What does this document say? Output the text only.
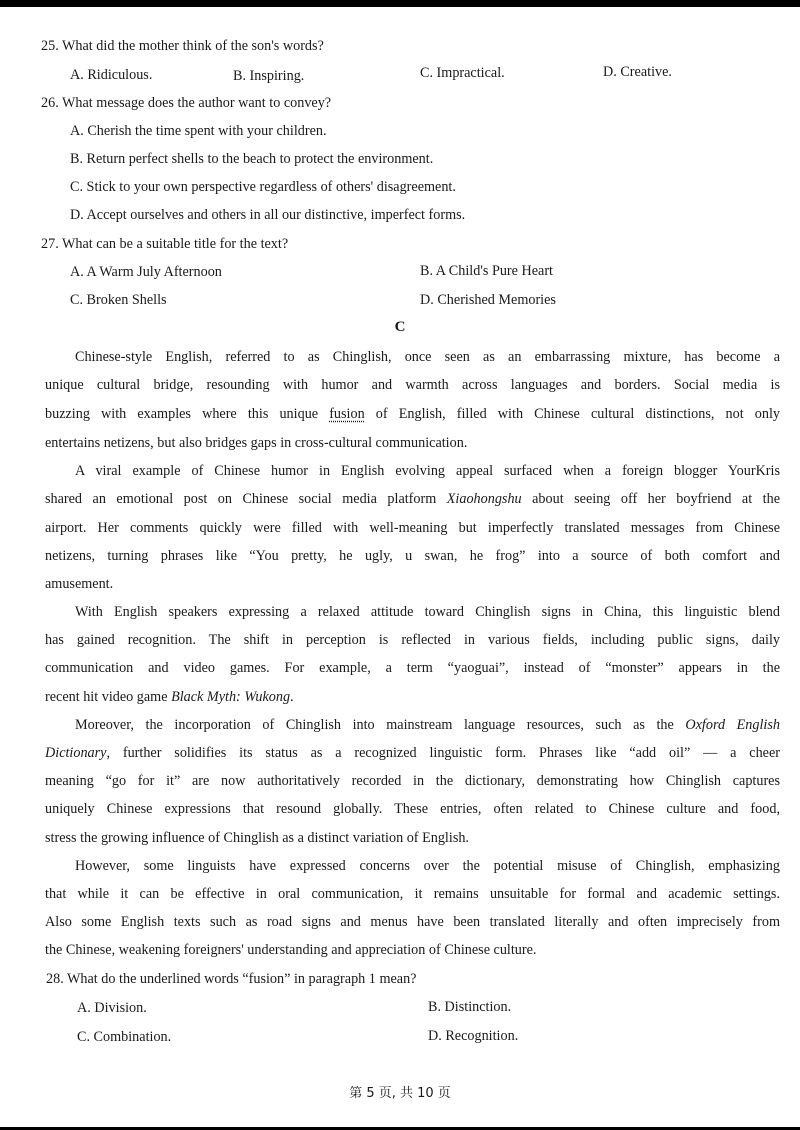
25. What did the mother think of the son's words?
A. Ridiculous.	B. Inspiring.	C. Impractical.	D. Creative.
26. What message does the author want to convey?
A. Cherish the time spent with your children.
B. Return perfect shells to the beach to protect the environment.
C. Stick to your own perspective regardless of others' disagreement.
D. Accept ourselves and others in all our distinctive, imperfect forms.
27. What can be a suitable title for the text?
A. A Warm July Afternoon	B. A Child's Pure Heart
C. Broken Shells	D. Cherished Memories
C
Chinese-style English, referred to as Chinglish, once seen as an embarrassing mixture, has become a
unique cultural bridge, resounding with humor and warmth across languages and borders. Social media is
buzzing with examples where this unique fusion of English, filled with Chinese cultural distinctions, not only
entertains netizens, but also bridges gaps in cross-cultural communication.
A viral example of Chinese humor in English evolving appeal surfaced when a foreign blogger YourKris
shared an emotional post on Chinese social media platform Xiaohongshu about seeing off her boyfriend at the
airport. Her comments quickly were filled with well-meaning but imperfectly translated messages from Chinese
netizens, turning phrases like “You pretty, he ugly, u swan, he frog” into a source of both comfort and
amusement.
With English speakers expressing a relaxed attitude toward Chinglish signs in China, this linguistic blend
has gained recognition. The shift in perception is reflected in various fields, including public signs, daily
communication and video games. For example, a term “yaoguai”, instead of “monster” appears in the
recent hit video game Black Myth: Wukong.
Moreover, the incorporation of Chinglish into mainstream language resources, such as the Oxford English
Dictionary, further solidifies its status as a recognized linguistic form. Phrases like “add oil” — a cheer
meaning “go for it” are now authoritatively recorded in the dictionary, demonstrating how Chinglish captures
uniquely Chinese expressions that resound globally. These entries, often related to Chinese culture and food,
stress the growing influence of Chinglish as a distinct variation of English.
However, some linguists have expressed concerns over the potential misuse of Chinglish, emphasizing
that while it can be effective in oral communication, it remains unsuitable for formal and academic settings.
Also some English texts such as road signs and menus have been translated literally and often imprecisely from
the Chinese, weakening foreigners' understanding and appreciation of Chinese culture.
28. What do the underlined words “fusion” in paragraph 1 mean?
A. Division.	B. Distinction.
C. Combination.	D. Recognition.
第 5 页, 共 10 页
